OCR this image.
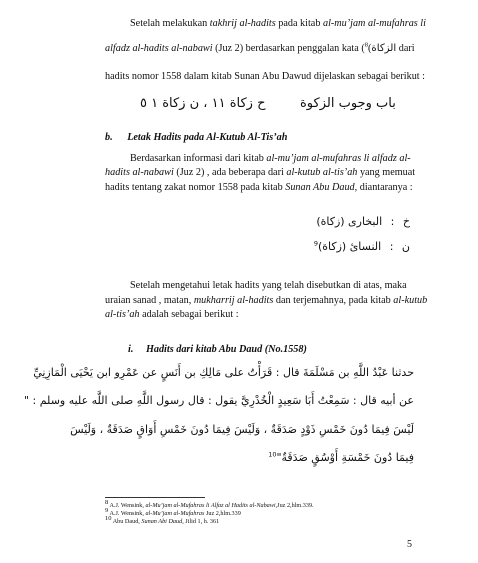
Setelah melakukan takhrij al-hadits pada kitab al-mu’jam al-mufahras li
alfadz al-hadits al-nabawi (Juz 2) berdasarkan penggalan kata ( الزكاة)$^8$	dari
hadits nomor 1558 dalam kitab Sunan Abu Dawud dijelaskan sebagai berikut :
ح زكاة ١١ ، ن زكاة ١ ٥	باب وجوب الزكوة
b. Letak Hadits pada Al-Kutub Al-Tis’ah
Berdasarkan informasi dari kitab al-mu’jam al-mufahras li alfadz al-
hadits al-nabawi (Juz 2) , ada beberapa dari al-kutub al-tis’ah yang memuat
hadits tentang zakat nomor 1558 pada kitab Sunan Abu Daud, diantaranya :
خ : البخارى (زكاة)
ن : النسائ (زكاة)$^9$
Setelah mengetahui letak hadits yang telah disebutkan di atas, maka
uraian sanad , matan, mukharrij al-hadits dan terjemahnya, pada kitab al-kutub
al-tis’ah adalah sebagai berikut :
i. Hadits dari kitab Abu Daud (No.1558)
حدثنا عَبْدُ اللَّهِ بن مَسْلَمَةَ قال : قَرَأْتُ على مَالِكِ بن أَنَسٍ عن عَمْرِو ابن يَحْيَى الْمَازِنِيِّ
عن أبيه قال : سَمِعْتُ أَبَا سَعِيدٍ الْخُدْرِيَّ يقول : قال رسول اللَّهِ صلى اللَّه عليه وسلم : "
لَيْسَ فِيمَا دُونَ خَمْسِ ذَوْدٍ صَدَقَةٌ ، وَلَيْسَ فِيمَا دُونَ خَمْسِ أَوَاقٍ صَدَقَةٌ ، وَلَيْسَ
فِيمَا دُونَ خَمْسَةِ أَوْسُقٍ صَدَقَةٌ"$^{10}$
$^8$ A.J. Wensink, al-Mu’jam al-Mufahras li Alfaz al Hadits al-Nabawi,Juz 2,hlm.339.
$^9$ A.J. Wensink, al-Mu’jam al-Mufahras Juz 2,hlm.339
$^{10}$ Abu Daud, Sunan Abi Daud, Jilid 1, h. 361
5
